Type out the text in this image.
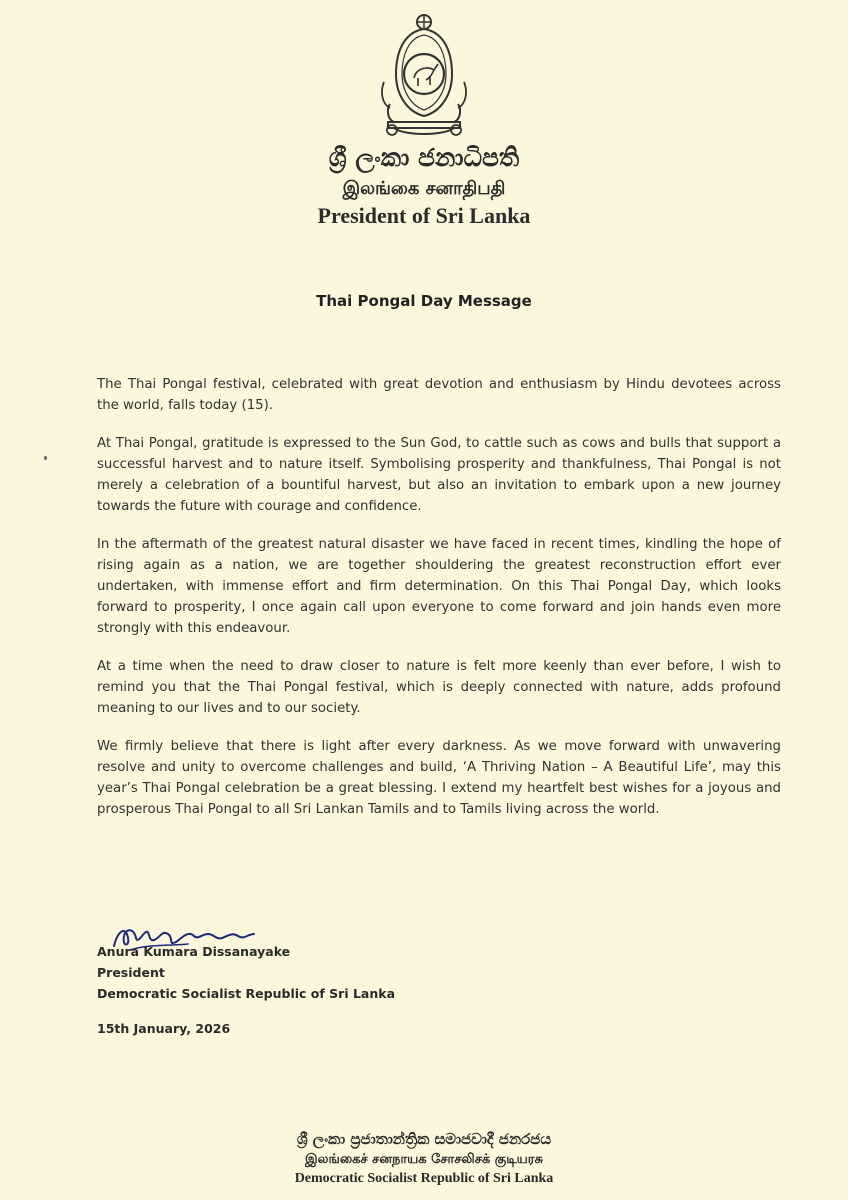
ශ්‍රී ලංකා ජනාධිපති
இலங்கை சனாதிபதி
President of Sri Lanka
Thai Pongal Day Message

The Thai Pongal festival, celebrated with great devotion and enthusiasm by Hindu devotees across the world, falls today (15).

At Thai Pongal, gratitude is expressed to the Sun God, to cattle such as cows and bulls that support a successful harvest and to nature itself. Symbolising prosperity and thankfulness, Thai Pongal is not merely a celebration of a bountiful harvest, but also an invitation to embark upon a new journey towards the future with courage and confidence.

In the aftermath of the greatest natural disaster we have faced in recent times, kindling the hope of rising again as a nation, we are together shouldering the greatest reconstruction effort ever undertaken, with immense effort and firm determination. On this Thai Pongal Day, which looks forward to prosperity, I once again call upon everyone to come forward and join hands even more strongly with this endeavour.

At a time when the need to draw closer to nature is felt more keenly than ever before, I wish to remind you that the Thai Pongal festival, which is deeply connected with nature, adds profound meaning to our lives and to our society.

We firmly believe that there is light after every darkness. As we move forward with unwavering resolve and unity to overcome challenges and build, ‘A Thriving Nation – A Beautiful Life’, may this year’s Thai Pongal celebration be a great blessing. I extend my heartfelt best wishes for a joyous and prosperous Thai Pongal to all Sri Lankan Tamils and to Tamils living across the world.

Anura Kumara Dissanayake
President
Democratic Socialist Republic of Sri Lanka
15th January, 2026
ශ්‍රී ලංකා ප්‍රජාතාන්ත්‍රික සමාජවාදී ජනරජය
இலங்கைச் சனநாயக சோசலிசக் குடியரசு
Democratic Socialist Republic of Sri Lanka
